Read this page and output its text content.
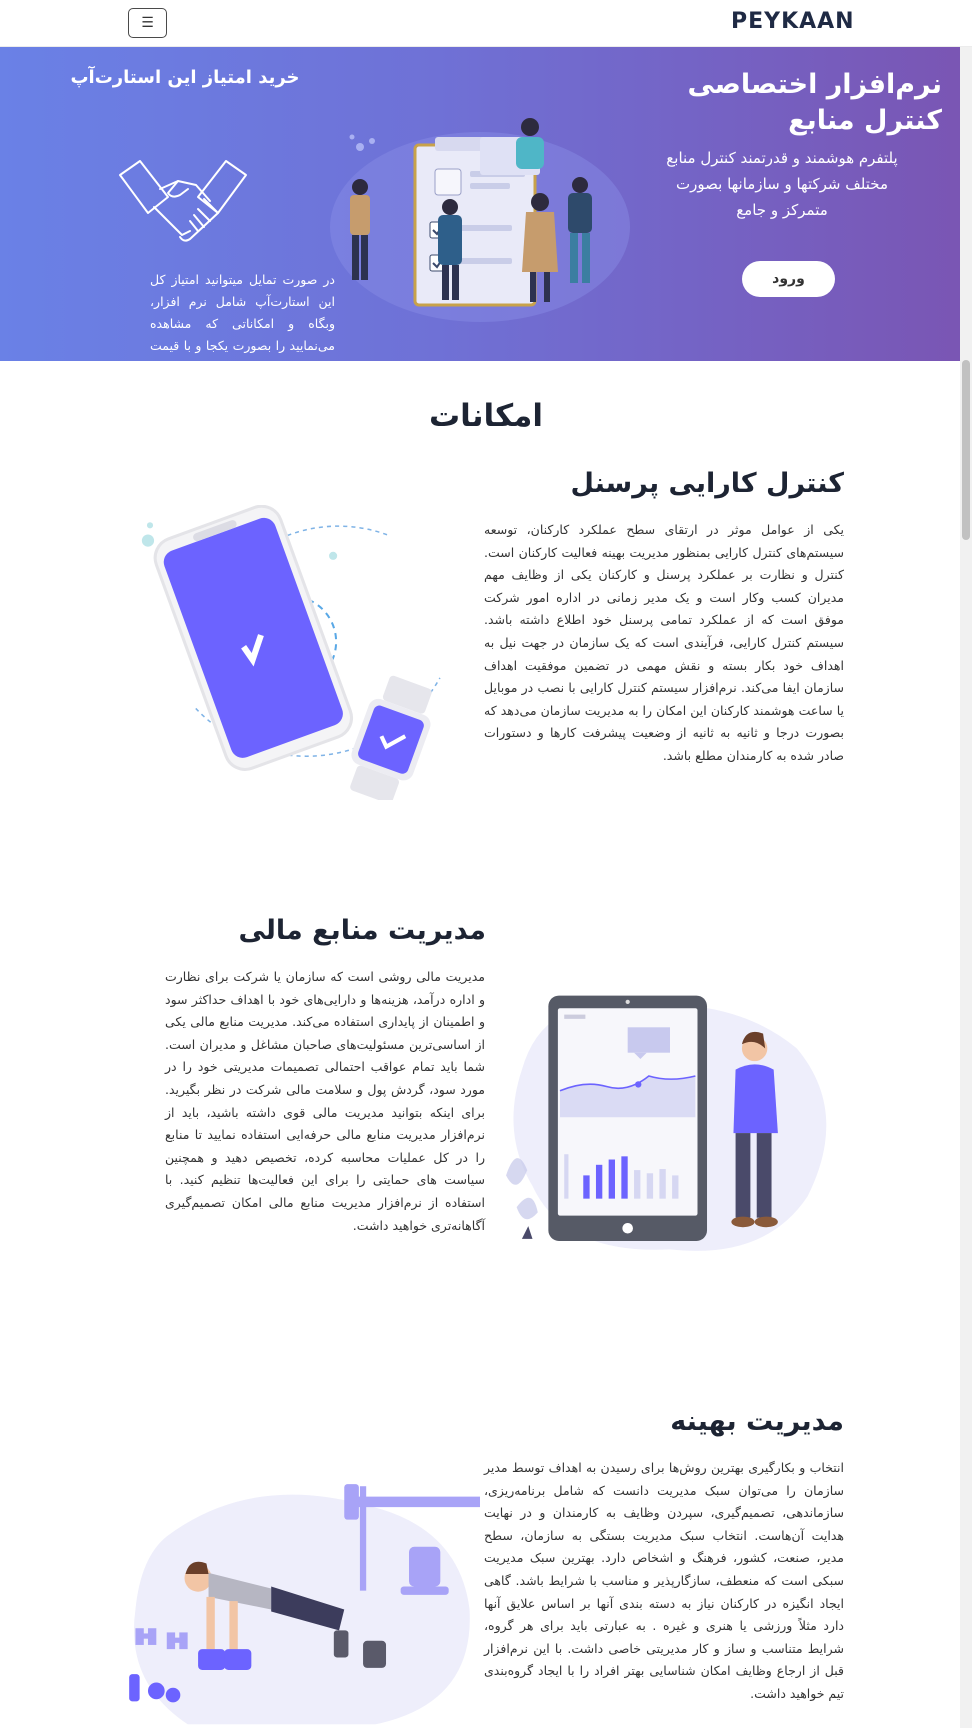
PEYKAAN
☰
نرم‌افزار اختصاصی کنترل منابع
پلتفرم هوشمند و قدرتمند کنترل منابع مختلف شرکتها و سازمانها بصورت متمرکز و جامع
ورود
خرید امتیاز این استارت‌آپ
در صورت تمایل میتوانید امتیاز کل این استارت‌آپ شامل نرم افزار، وبگاه و امکاناتی که مشاهده می‌نمایید را بصورت یکجا و با قیمت دو میلیارد تومان تملک نمایید. از طریق بخش پشتیبانی با ما در تماس باشید.	امکانات
کنترل کارایی پرسنل
یکی از عوامل موثر در ارتقای سطح عملکرد کارکنان، توسعه سیستم‌های کنترل کارایی بمنظور مدیریت بهینه فعالیت کارکنان است. کنترل و نظارت بر عملکرد پرسنل و کارکنان یکی از وظایف مهم مدیران کسب وکار است و یک مدیر زمانی در اداره امور شرکت موفق است که از عملکرد تمامی پرسنل خود اطلاع داشته باشد. سیستم کنترل کارایی، فرآیندی است که یک سازمان در جهت نیل به اهداف خود بکار بسته و نقش مهمی در تضمین موفقیت اهداف سازمان ایفا می‌کند. نرم‌افزار سیستم کنترل کارایی با نصب در موبایل یا ساعت هوشمند کارکنان این امکان را به مدیریت سازمان می‌دهد که بصورت درجا و ثانیه به ثانیه از وضعیت پیشرفت کارها و دستورات صادر شده به کارمندان مطلع باشد.
مدیریت منابع مالی
مدیریت مالی روشی است که سازمان یا شرکت برای نظارت و اداره درآمد، هزینه‌ها و دارایی‌های خود با اهداف حداکثر سود و اطمینان از پایداری استفاده می‌کند. مدیریت منابع مالی یکی از اساسی‌ترین مسئولیت‌های صاحبان مشاغل و مدیران است. شما باید تمام عواقب احتمالی تصمیمات مدیریتی خود را در مورد سود، گردش پول و سلامت مالی شرکت در نظر بگیرید. برای اینکه بتوانید مدیریت مالی قوی داشته باشید، باید از نرم‌افزار مدیریت منابع مالی حرفه‌ایی استفاده نمایید تا منابع را در کل عملیات محاسبه کرده، تخصیص دهید و همچنین سیاست های حمایتی را برای این فعالیت‌ها تنظیم کنید. با استفاده از نرم‌افزار مدیریت منابع مالی امکان تصمیم‌گیری آگاهانه‌تری خواهید داشت.
مدیریت بهینه
انتخاب و بکارگیری بهترین روش‌ها برای رسیدن به اهداف توسط مدیر سازمان را می‌توان سبک مدیریت دانست که شامل برنامه‌ریزی، سازماندهی، تصمیم‌گیری، سپردن وظایف به کارمندان و در نهایت هدایت آن‌هاست. انتخاب سبک مدیریت بستگی به سازمان، سطح مدیر، صنعت، کشور، فرهنگ و اشخاص دارد. بهترین سبک مدیریت سبکی است که منعطف، سازگارپذیر و مناسب با شرایط باشد. گاهی ایجاد انگیزه در کارکنان نیاز به دسته بندی آنها بر اساس علایق آنها دارد مثلاً ورزشی یا هنری و غیره . به عبارتی باید برای هر گروه، شرایط متناسب و ساز و کار مدیریتی خاصی داشت. با این نرم‌افزار قبل از ارجاع وظایف امکان شناسایی بهتر افراد را با ایجاد گروه‌بندی تیم خواهید داشت.
